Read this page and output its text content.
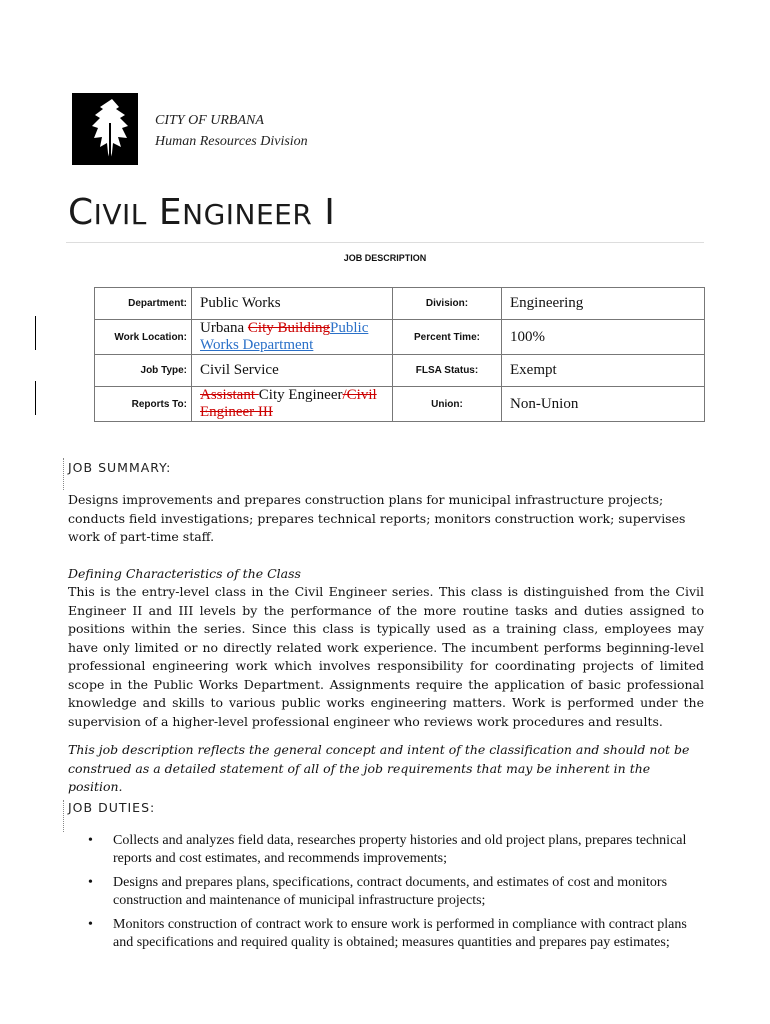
CITY OF URBANA
Human Resources Division
CIVIL ENGINEER I
JOB DESCRIPTION
Department:	Public Works	Division:	Engineering
Work Location:	Urbana City BuildingPublic Works Department	Percent Time:	100%
Job Type:	Civil Service	FLSA Status:	Exempt
Reports To:	Assistant City Engineer/Civil Engineer III	Union:	Non-Union
JOB SUMMARY:
Designs improvements and prepares construction plans for municipal infrastructure projects; conducts field investigations; prepares technical reports; monitors construction work; supervises work of part-time staff.
Defining Characteristics of the Class
This is the entry-level class in the Civil Engineer series. This class is distinguished from the Civil Engineer II and III levels by the performance of the more routine tasks and duties assigned to positions within the series. Since this class is typically used as a training class, employees may have only limited or no directly related work experience. The incumbent performs beginning-level professional engineering work which involves responsibility for coordinating projects of limited scope in the Public Works Department. Assignments require the application of basic professional knowledge and skills to various public works engineering matters. Work is performed under the supervision of a higher-level professional engineer who reviews work procedures and results.
This job description reflects the general concept and intent of the classification and should not be construed as a detailed statement of all of the job requirements that may be inherent in the position.
JOB DUTIES:
• Collects and analyzes field data, researches property histories and old project plans, prepares technical reports and cost estimates, and recommends improvements;
• Designs and prepares plans, specifications, contract documents, and estimates of cost and monitors construction and maintenance of municipal infrastructure projects;
• Monitors construction of contract work to ensure work is performed in compliance with contract plans and specifications and required quality is obtained; measures quantities and prepares pay estimates;
